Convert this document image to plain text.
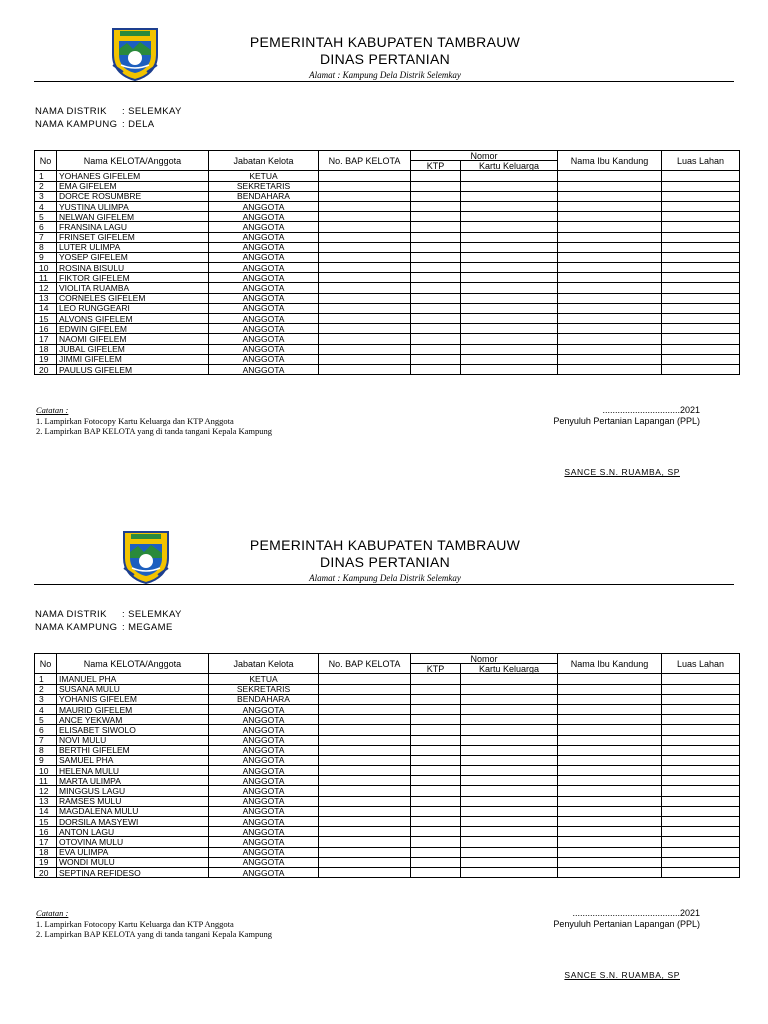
PEMERINTAH KABUPATEN TAMBRAUW
DINAS PERTANIAN
Alamat : Kampung Dela Distrik Selemkay
NAMA DISTRIK : SELEMKAY
NAMA KAMPUNG : DELA
No	Nama KELOTA/Anggota	Jabatan Kelota	No. BAP KELOTA	Nomor		Nama Ibu Kandung	Luas Lahan
				KTP	Kartu Keluarga		
1	YOHANES GIFELEM	KETUA					
2	EMA GIFELEM	SEKRETARIS					
3	DORCE ROSUMBRE	BENDAHARA					
4	YUSTINA ULIMPA	ANGGOTA					
5	NELWAN GIFELEM	ANGGOTA					
6	FRANSINA LAGU	ANGGOTA					
7	FRINSET GIFELEM	ANGGOTA					
8	LUTER ULIMPA	ANGGOTA					
9	YOSEP GIFELEM	ANGGOTA					
10	ROSINA BISULU	ANGGOTA					
11	FIKTOR GIFELEM	ANGGOTA					
12	VIOLITA RUAMBA	ANGGOTA					
13	CORNELES GIFELEM	ANGGOTA					
14	LEO RUNGGEARI	ANGGOTA					
15	ALVONS GIFELEM	ANGGOTA					
16	EDWIN GIFELEM	ANGGOTA					
17	NAOMI GIFELEM	ANGGOTA					
18	JUBAL GIFELEM	ANGGOTA					
19	JIMMI GIFELEM	ANGGOTA					
20	PAULUS GIFELEM	ANGGOTA					
Catatan :
1. Lampirkan Fotocopy Kartu Keluarga dan KTP Anggota
2. Lampirkan BAP KELOTA yang di tanda tangani Kepala Kampung
...............................2021
Penyuluh Pertanian Lapangan (PPL)
SANCE S.N. RUAMBA, SP
PEMERINTAH KABUPATEN TAMBRAUW
DINAS PERTANIAN
Alamat : Kampung Dela Distrik Selemkay
NAMA DISTRIK : SELEMKAY
NAMA KAMPUNG : MEGAME
No	Nama KELOTA/Anggota	Jabatan Kelota	No. BAP KELOTA	Nomor		Nama Ibu Kandung	Luas Lahan
				KTP	Kartu Keluarga		
1	IMANUEL PHA	KETUA					
2	SUSANA MULU	SEKRETARIS					
3	YOHANIS GIFELEM	BENDAHARA					
4	MAURID GIFELEM	ANGGOTA					
5	ANCE YEKWAM	ANGGOTA					
6	ELISABET SIWOLO	ANGGOTA					
7	NOVI MULU	ANGGOTA					
8	BERTHI GIFELEM	ANGGOTA					
9	SAMUEL PHA	ANGGOTA					
10	HELENA MULU	ANGGOTA					
11	MARTA ULIMPA	ANGGOTA					
12	MINGGUS LAGU	ANGGOTA					
13	RAMSES MULU	ANGGOTA					
14	MAGDALENA MULU	ANGGOTA					
15	DORSILA MASYEWI	ANGGOTA					
16	ANTON LAGU	ANGGOTA					
17	OTOVINA MULU	ANGGOTA					
18	EVA ULIMPA	ANGGOTA					
19	WONDI MULU	ANGGOTA					
20	SEPTINA REFIDESO	ANGGOTA					
Catatan :
1. Lampirkan Fotocopy Kartu Keluarga dan KTP Anggota
2. Lampirkan BAP KELOTA yang di tanda tangani Kepala Kampung
...........................................2021
Penyuluh Pertanian Lapangan (PPL)
SANCE S.N. RUAMBA, SP
